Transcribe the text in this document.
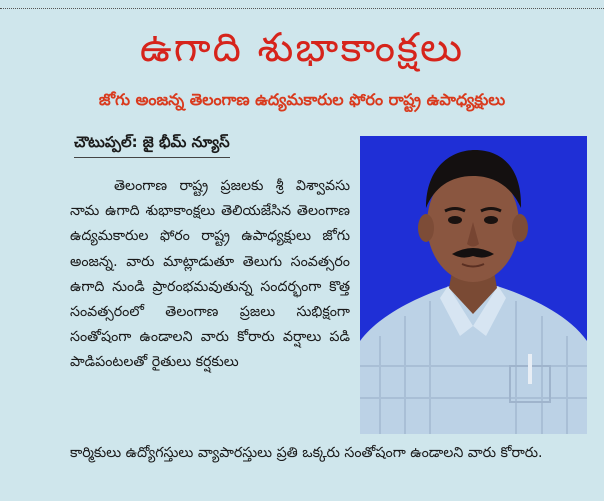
ఉగాది శుభాకాంక్షలు
జోగు అంజన్న తెలంగాణ ఉద్యమకారుల ఫోరం రాష్ట్ర ఉపాధ్యక్షులు
చౌటుప్పల్: జై భీమ్ న్యూస్
తెలంగాణ రాష్ట్ర ప్రజలకు శ్రీ విశ్వావసు నామ ఉగాది శుభాకాంక్షలు తెలియజేసిన తెలంగాణ ఉద్యమకారుల ఫోరం రాష్ట్ర ఉపాధ్యక్షులు జోగు అంజన్న. వారు మాట్లాడుతూ తెలుగు సంవత్సరం ఉగాది నుండి ప్రారంభమవుతున్న సందర్భంగా కొత్త సంవత్సరంలో తెలంగాణ ప్రజలు సుభిక్షంగా సంతోషంగా ఉండాలని వారు కోరారు వర్షాలు పడి పాడిపంటలతో రైతులు కర్షకులు
కార్మికులు ఉద్యోగస్తులు వ్యాపారస్తులు ప్రతి ఒక్కరు సంతోషంగా ఉండాలని వారు కోరారు.
